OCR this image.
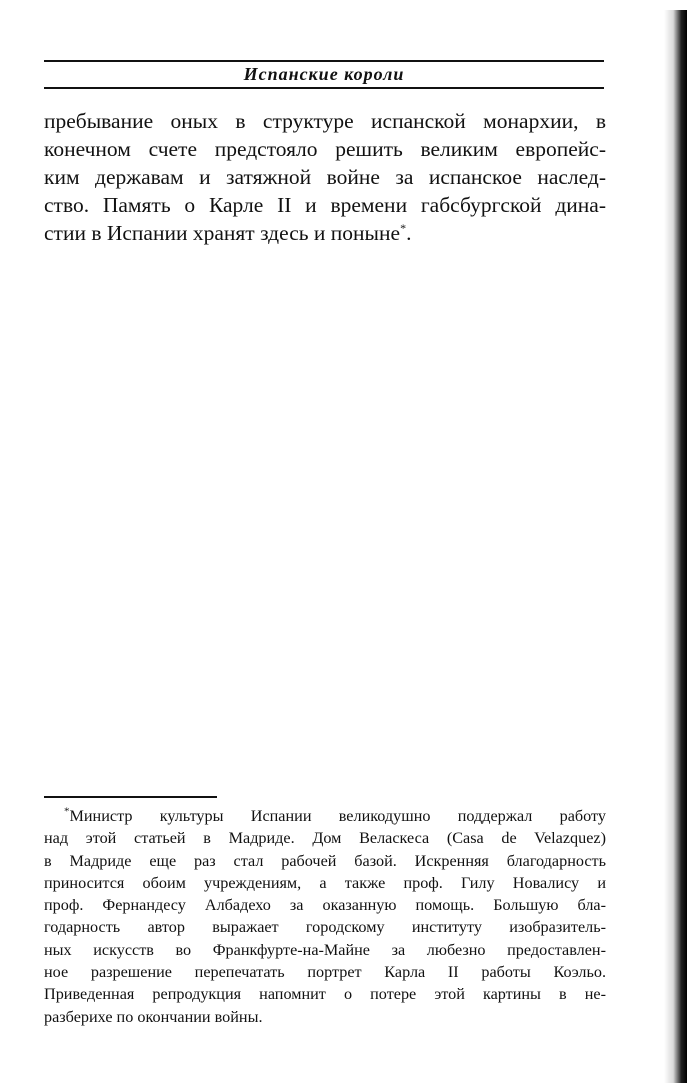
Испанские короли
пребывание оных в структуре испанской монархии, в
конечном счете предстояло решить великим европейс-
ким державам и затяжной войне за испанское наслед-
ство. Память о Карле II и времени габсбургской дина-
стии в Испании хранят здесь и поныне*.
*Министр культуры Испании великодушно поддержал работу
над этой статьей в Мадриде. Дом Веласкеса (Casa de Velazquez)
в Мадриде еще раз стал рабочей базой. Искренняя благодарность
приносится обоим учреждениям, а также проф. Гилу Новалису и
проф. Фернандесу Албадехо за оказанную помощь. Большую бла-
годарность автор выражает городскому институту изобразитель-
ных искусств во Франкфурте-на-Майне за любезно предоставлен-
ное разрешение перепечатать портрет Карла II работы Коэльо.
Приведенная репродукция напомнит о потере этой картины в не-
разберихе по окончании войны.
